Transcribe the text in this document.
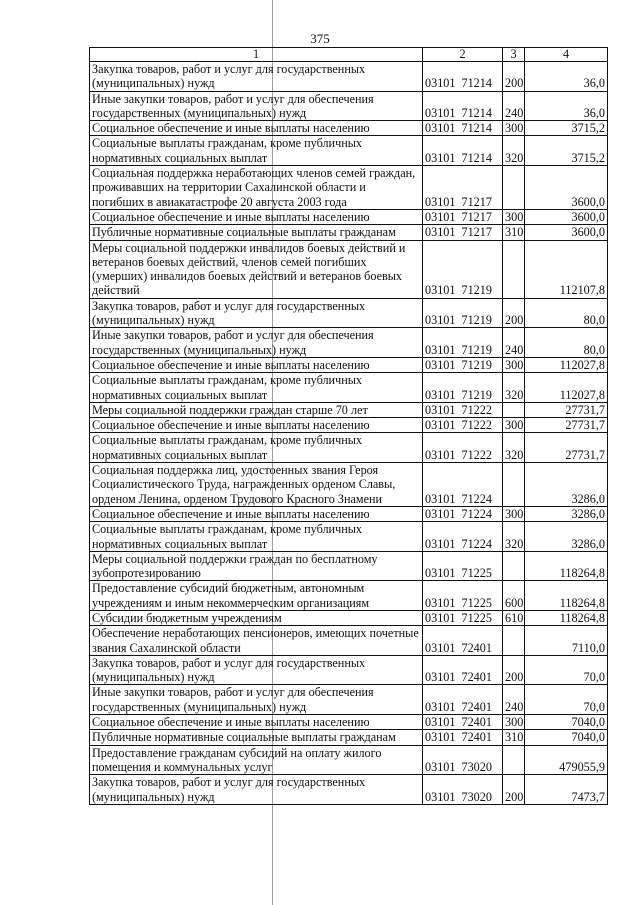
375
1	2	3	4
Закупка товаров, работ и услуг для государственных (муниципальных) нужд	03101 71214	200	36,0
Иные закупки товаров, работ и услуг для обеспечения государственных (муниципальных) нужд	03101 71214	240	36,0
Социальное обеспечение и иные выплаты населению	03101 71214	300	3715,2
Социальные выплаты гражданам, кроме публичных нормативных социальных выплат	03101 71214	320	3715,2
Социальная поддержка неработающих членов семей граждан, проживавших на территории Сахалинской области и погибших в авиакатастрофе 20 августа 2003 года	03101 71217		3600,0
Социальное обеспечение и иные выплаты населению	03101 71217	300	3600,0
Публичные нормативные социальные выплаты гражданам	03101 71217	310	3600,0
Меры социальной поддержки инвалидов боевых действий и ветеранов боевых действий, членов семей погибших (умерших) инвалидов боевых действий и ветеранов боевых действий	03101 71219		112107,8
Закупка товаров, работ и услуг для государственных (муниципальных) нужд	03101 71219	200	80,0
Иные закупки товаров, работ и услуг для обеспечения государственных (муниципальных) нужд	03101 71219	240	80,0
Социальное обеспечение и иные выплаты населению	03101 71219	300	112027,8
Социальные выплаты гражданам, кроме публичных нормативных социальных выплат	03101 71219	320	112027,8
Меры социальной поддержки граждан старше 70 лет	03101 71222		27731,7
Социальное обеспечение и иные выплаты населению	03101 71222	300	27731,7
Социальные выплаты гражданам, кроме публичных нормативных социальных выплат	03101 71222	320	27731,7
Социальная поддержка лиц, удостоенных звания Героя Социалистического Труда, награжденных орденом Славы, орденом Ленина, орденом Трудового Красного Знамени	03101 71224		3286,0
Социальное обеспечение и иные выплаты населению	03101 71224	300	3286,0
Социальные выплаты гражданам, кроме публичных нормативных социальных выплат	03101 71224	320	3286,0
Меры социальной поддержки граждан по бесплатному зубопротезированию	03101 71225		118264,8
Предоставление субсидий бюджетным, автономным учреждениям и иным некоммерческим организациям	03101 71225	600	118264,8
Субсидии бюджетным учреждениям	03101 71225	610	118264,8
Обеспечение неработающих пенсионеров, имеющих почетные звания Сахалинской области	03101 72401		7110,0
Закупка товаров, работ и услуг для государственных (муниципальных) нужд	03101 72401	200	70,0
Иные закупки товаров, работ и услуг для обеспечения государственных (муниципальных) нужд	03101 72401	240	70,0
Социальное обеспечение и иные выплаты населению	03101 72401	300	7040,0
Публичные нормативные социальные выплаты гражданам	03101 72401	310	7040,0
Предоставление гражданам субсидий на оплату жилого помещения и коммунальных услуг	03101 73020		479055,9
Закупка товаров, работ и услуг для государственных (муниципальных) нужд	03101 73020	200	7473,7
